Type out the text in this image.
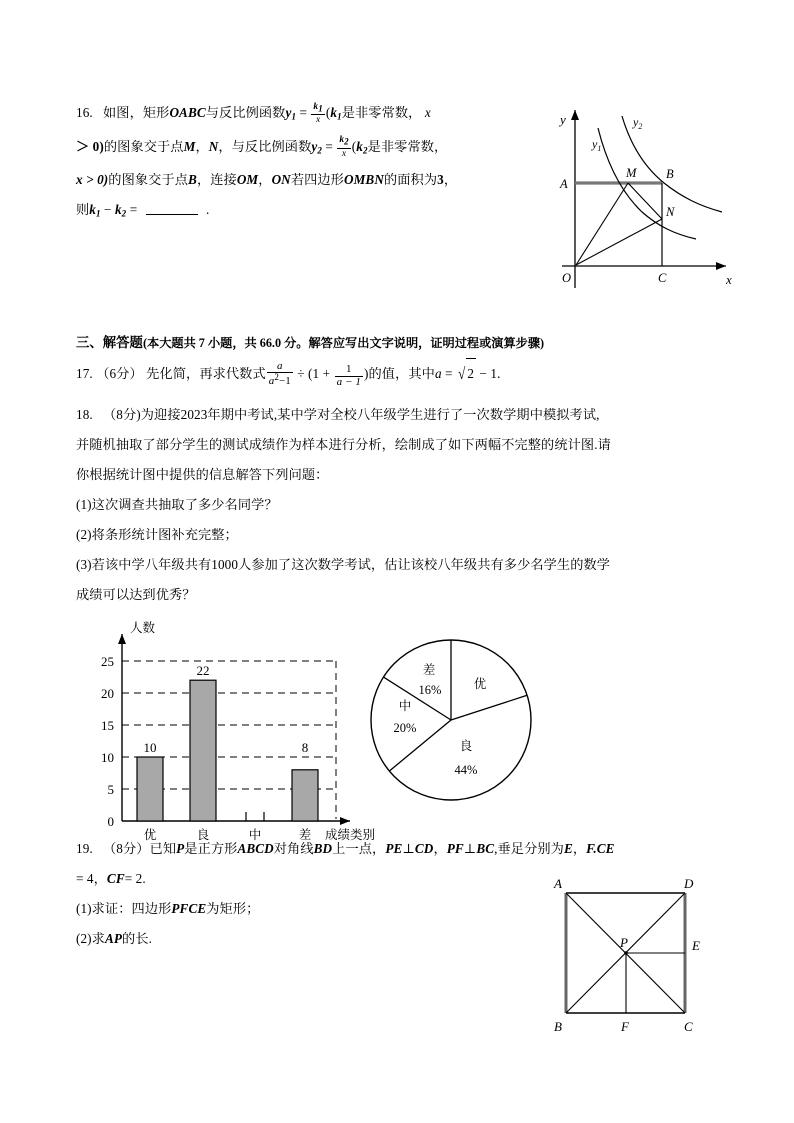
16. 如图，矩形OABC与反比例函数$y_1 = \frac{k1}{x} (k_1$是非零常数， x
＞ 0)的图象交于点M，N，与反比例函数$y_2 = \frac{k2}{x} (k_2$是非零常数，
x > 0)的图象交于点B，连接OM，ON若四边形OMBN的面积为3，
则$k_1 - k_2$ =	.
y
x
$y_1$
$y_2$
A
B
C
M
N
O
三、解答题(本大题共 7 小题，共 66.0 分。解答应写出文字说明，证明过程或演算步骤)
17. （6分） 先化简，再求代数式 $\frac{a}{a^2-1} \div (1 + \frac{1}{a - 1}$ )的值，其中a = √ 2 − 1.
18. （8分)为迎接2023年期中考试,某中学对全校八年级学生进行了一次数学期中模拟考试,
并随机抽取了部分学生的测试成绩作为样本进行分析，绘制成了如下两幅不完整的统计图.请
你根据统计图中提供的信息解答下列问题：
(1)这次调查共抽取了多少名同学？
(2)将条形统计图补充完整；
(3)若该中学八年级共有1000人参加了这次数学考试，估让该校八年级共有多少名学生的数学
成绩可以达到优秀？
0
5
10
15
20
25
10
22
8
优	良	中	差
人数
成绩类别
优
良
44%
中
20%
差
16%
19. （8分）已知P是正方形ABCD对角线BD上一点，PE⊥CD，PF⊥BC,垂足分别为E，F.CE
= 4，CF= 2.
(1)求证：四边形PFCE为矩形；
(2)求AP的长.
A	D
B	C
P	E
F
